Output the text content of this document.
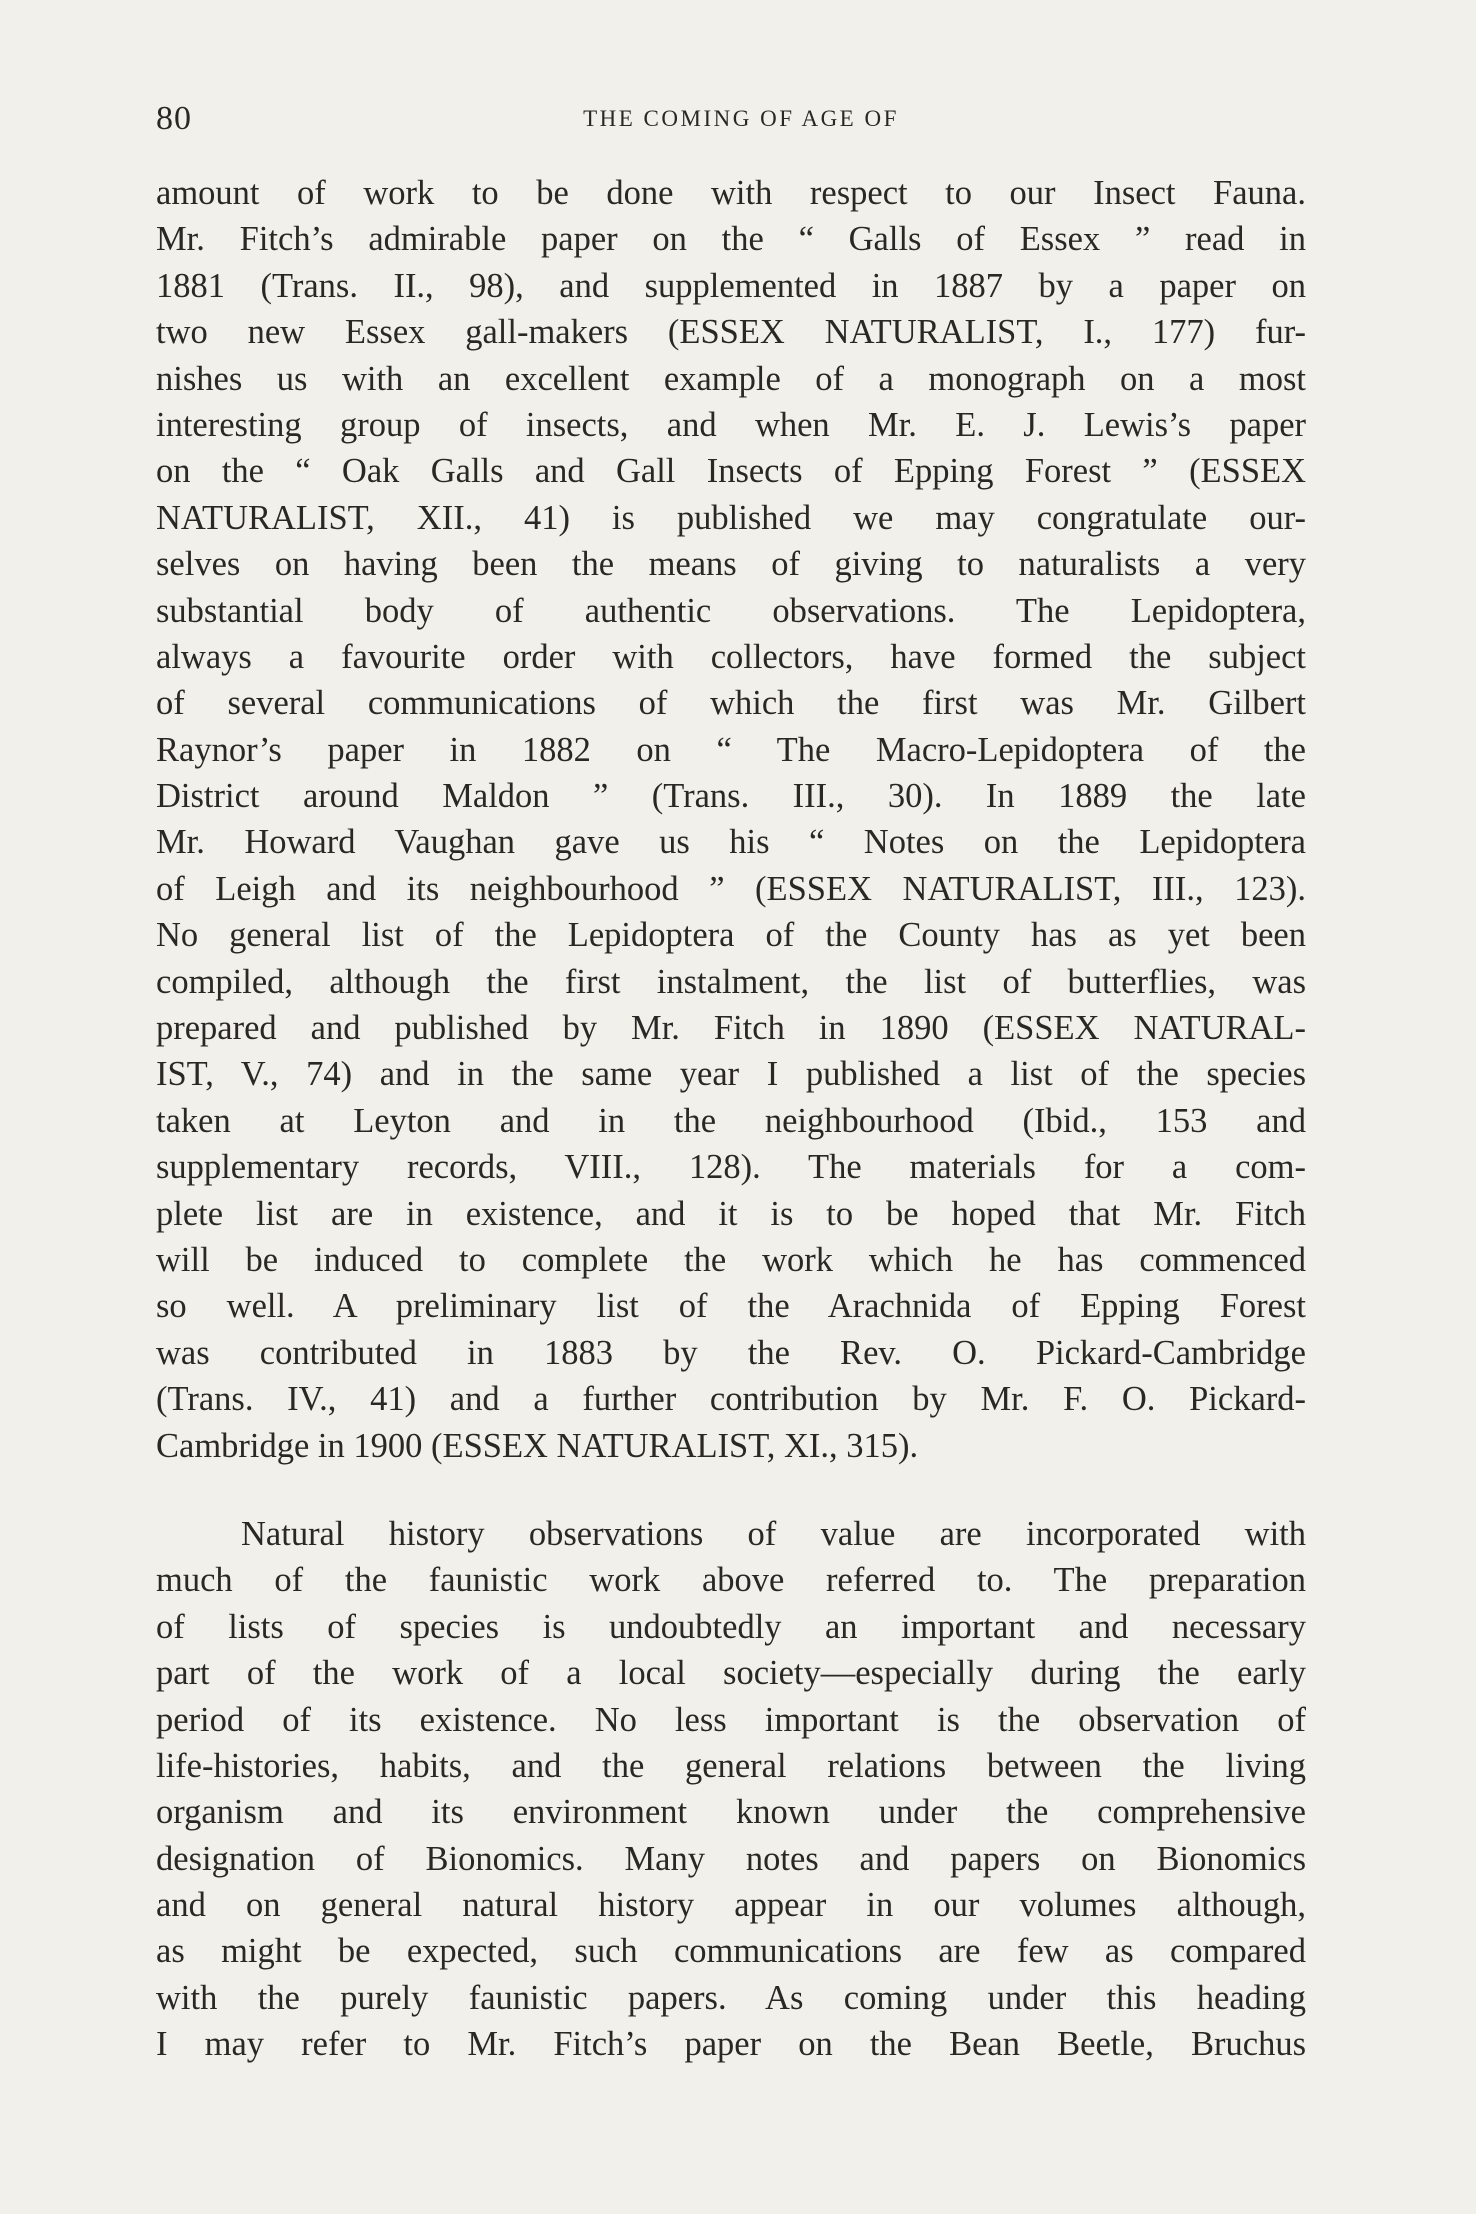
80	THE COMING OF AGE OF
amount of work to be done with respect to our Insect Fauna.
Mr. Fitch’s admirable paper on the “ Galls of Essex ” read in
1881 (Trans. II., 98), and supplemented in 1887 by a paper on
two new Essex gall-makers (ESSEX NATURALIST, I., 177) fur-
nishes us with an excellent example of a monograph on a most
interesting group of insects, and when Mr. E. J. Lewis’s paper
on the “ Oak Galls and Gall Insects of Epping Forest ” (ESSEX
NATURALIST, XII., 41) is published we may congratulate our-
selves on having been the means of giving to naturalists a very
substantial body of authentic observations. The Lepidoptera,
always a favourite order with collectors, have formed the subject
of several communications of which the first was Mr. Gilbert
Raynor’s paper in 1882 on “ The Macro-Lepidoptera of the
District around Maldon ” (Trans. III., 30). In 1889 the late
Mr. Howard Vaughan gave us his “ Notes on the Lepidoptera
of Leigh and its neighbourhood ” (ESSEX NATURALIST, III., 123).
No general list of the Lepidoptera of the County has as yet been
compiled, although the first instalment, the list of butterflies, was
prepared and published by Mr. Fitch in 1890 (ESSEX NATURAL-
IST, V., 74) and in the same year I published a list of the species
taken at Leyton and in the neighbourhood (Ibid., 153 and
supplementary records, VIII., 128). The materials for a com-
plete list are in existence, and it is to be hoped that Mr. Fitch
will be induced to complete the work which he has commenced
so well. A preliminary list of the Arachnida of Epping Forest
was contributed in 1883 by the Rev. O. Pickard-Cambridge
(Trans. IV., 41) and a further contribution by Mr. F. O. Pickard-
Cambridge in 1900 (ESSEX NATURALIST, XI., 315).
Natural history observations of value are incorporated with
much of the faunistic work above referred to. The preparation
of lists of species is undoubtedly an important and necessary
part of the work of a local society—especially during the early
period of its existence. No less important is the observation of
life-histories, habits, and the general relations between the living
organism and its environment known under the comprehensive
designation of Bionomics. Many notes and papers on Bionomics
and on general natural history appear in our volumes although,
as might be expected, such communications are few as compared
with the purely faunistic papers. As coming under this heading
I may refer to Mr. Fitch’s paper on the Bean Beetle, Bruchus
